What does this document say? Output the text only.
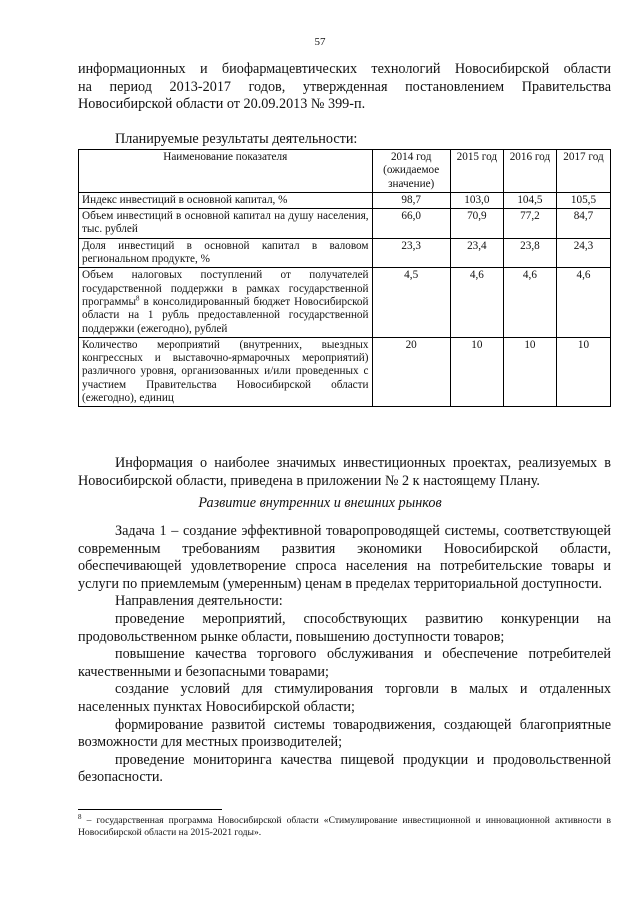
57

информационных и биофармацевтических технологий Новосибирской области

на период 2013-2017 годов, утвержденная постановлением Правительства

Новосибирской области от 20.09.2013 № 399-п.

Планируемые результаты деятельности:
Наименование показателя	2014 год (ожидаемое значение)	2015 год	2016 год	2017 год
Индекс инвестиций в основной капитал, %	98,7	103,0	104,5	105,5
Объем инвестиций в основной капитал на душу населения, тыс. рублей	66,0	70,9	77,2	84,7
Доля инвестиций в основной капитал в валовом региональном продукте, %	23,3	23,4	23,8	24,3
Объем налоговых поступлений от получателей государственной поддержки в рамках государственной программы$^8$ в консолидированный бюджет Новосибирской области на 1 рубль предоставленной государственной поддержки (ежегодно), рублей	4,5	4,6	4,6	4,6
Количество мероприятий (внутренних, выездных конгрессных и выставочно-ярмарочных мероприятий) различного уровня, организованных и/или проведенных с участием Правительства Новосибирской области (ежегодно), единиц	20	10	10	10

Информация о наиболее значимых инвестиционных проектах, реализуемых в Новосибирской области, приведена в приложении № 2 к настоящему Плану.

Развитие внутренних и внешних рынков

Задача 1 – создание эффективной товаропроводящей системы, соответствующей современным требованиям развития экономики Новосибирской области, обеспечивающей удовлетворение спроса населения на потребительские товары и услуги по приемлемым (умеренным) ценам в пределах территориальной доступности.

Направления деятельности:

проведение мероприятий, способствующих развитию конкуренции на продовольственном рынке области, повышению доступности товаров;

повышение качества торгового обслуживания и обеспечение потребителей качественными и безопасными товарами;

создание условий для стимулирования торговли в малых и отдаленных населенных пунктах Новосибирской области;

формирование развитой системы товародвижения, создающей благоприятные возможности для местных производителей;

проведение мониторинга качества пищевой продукции и продовольственной безопасности.

$^8$ – государственная программа Новосибирской области «Стимулирование инвестиционной и инновационной активности в Новосибирской области на 2015-2021 годы».
